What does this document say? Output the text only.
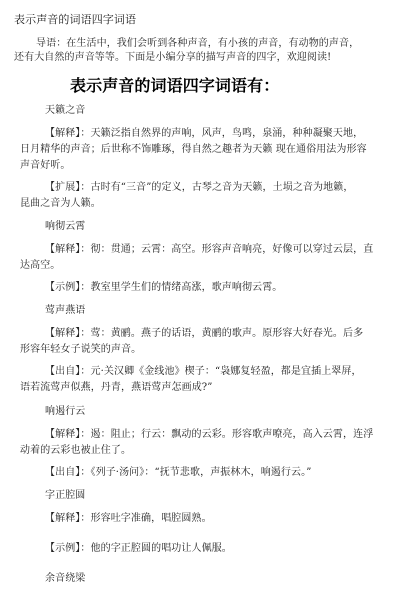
表示声音的词语四字词语
导语：在生活中，我们会听到各种声音，有小孩的声音，有动物的声音，
还有大自然的声音等等。下面是小编分享的描写声音的四字，欢迎阅读!
表示声音的词语四字词语有：
天籁之音
【解释】：天籁泛指自然界的声响，风声，鸟鸣，泉涌，种种凝聚天地，
日月精华的声音；后世称不饰雕琢，得自然之趣者为天籁 现在通俗用法为形容
声音好听。
【扩展】：古时有“三音”的定义，古琴之音为天籁，土埙之音为地籁，
昆曲之音为人籁。
响彻云霄
【解释】：彻：贯通；云霄：高空。形容声音响亮，好像可以穿过云层，直
达高空。
【示例】：教室里学生们的情绪高涨，歌声响彻云霄。
莺声燕语
【解释】：莺：黄鹂。燕子的话语，黄鹂的歌声。原形容大好春光。后多
形容年轻女子说笑的声音。
【出自】：元·关汉卿《金线池》楔子：“袅娜复轻盈，都是宜插上翠屏，
语若流莺声似燕，丹青，燕语莺声怎画成?”
响遏行云
【解释】：遏：阻止；行云：飘动的云彩。形容歌声嘹亮，高入云霄，连浮
动着的云彩也被止住了。
【出自】：《列子·汤问》：“抚节悲歌，声振林木，响遏行云。”
字正腔圆
【解释】：形容吐字准确，唱腔圆熟。
【示例】：他的字正腔圆的唱功让人佩服。
余音绕梁
